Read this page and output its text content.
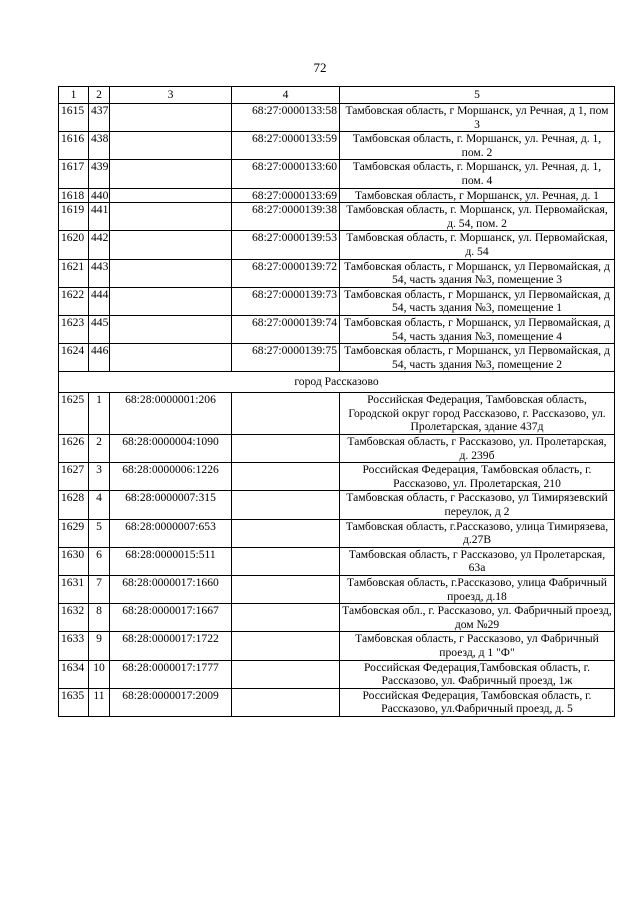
72
1	2	3	4	5
1615	437		68:27:0000133:58	Тамбовская область, г Моршанск, ул Речная, д 1, пом 3
1616	438		68:27:0000133:59	Тамбовская область, г. Моршанск, ул. Речная, д. 1, пом. 2
1617	439		68:27:0000133:60	Тамбовская область, г. Моршанск, ул. Речная, д. 1, пом. 4
1618	440		68:27:0000133:69	Тамбовская область, г Моршанск, ул. Речная, д. 1
1619	441		68:27:0000139:38	Тамбовская область, г. Моршанск, ул. Первомайская, д. 54, пом. 2
1620	442		68:27:0000139:53	Тамбовская область, г. Моршанск, ул. Первомайская, д. 54
1621	443		68:27:0000139:72	Тамбовская область, г Моршанск, ул Первомайская, д 54, часть здания №3, помещение 3
1622	444		68:27:0000139:73	Тамбовская область, г Моршанск, ул Первомайская, д 54, часть здания №3, помещение 1
1623	445		68:27:0000139:74	Тамбовская область, г Моршанск, ул Первомайская, д 54, часть здания №3, помещение 4
1624	446		68:27:0000139:75	Тамбовская область, г Моршанск, ул Первомайская, д 54, часть здания №3, помещение 2
город Рассказово				
1625	1	68:28:0000001:206		Российская Федерация, Тамбовская область, Городской округ город Рассказово, г. Рассказово, ул. Пролетарская, здание 437д
1626	2	68:28:0000004:1090		Тамбовская область, г Рассказово, ул. Пролетарская, д. 239б
1627	3	68:28:0000006:1226		Российская Федерация, Тамбовская область, г. Рассказово, ул. Пролетарская, 210
1628	4	68:28:0000007:315		Тамбовская область, г Рассказово, ул Тимирязевский переулок, д 2
1629	5	68:28:0000007:653		Тамбовская область, г.Рассказово, улица Тимирязева, д.27В
1630	6	68:28:0000015:511		Тамбовская область, г Рассказово, ул Пролетарская, 63а
1631	7	68:28:0000017:1660		Тамбовская область, г.Рассказово, улица Фабричный проезд, д.18
1632	8	68:28:0000017:1667		Тамбовская обл., г. Рассказово, ул. Фабричный проезд, дом №29
1633	9	68:28:0000017:1722		Тамбовская область, г Рассказово, ул Фабричный проезд, д 1 "Ф"
1634	10	68:28:0000017:1777		Российская Федерация,Тамбовская область, г. Рассказово, ул. Фабричный проезд, 1ж
1635	11	68:28:0000017:2009		Российская Федерация, Тамбовская область, г. Рассказово, ул.Фабричный проезд, д. 5
